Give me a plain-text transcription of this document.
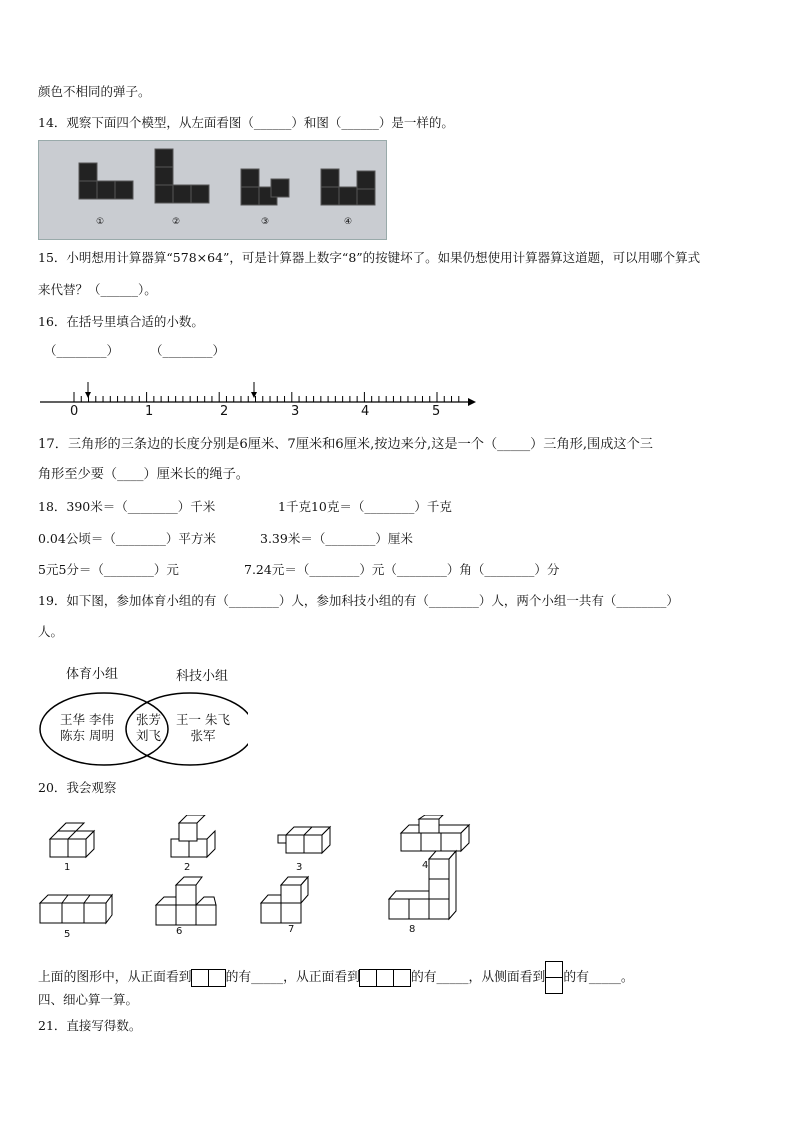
颜色不相同的弹子。
14．观察下面四个模型，从左面看图（______）和图（______）是一样的。
①	②	③	④
15．小明想用计算器算“578×64”，可是计算器上数字“8”的按键坏了。如果仍想使用计算器算这道题，可以用哪个算式
来代替？（______）。
16．在括号里填合适的小数。
（________） （________）
0	1	2	3	4	5
17．三角形的三条边的长度分别是6厘米、7厘米和6厘米,按边来分,这是一个（_____）三角形,围成这个三
角形至少要（____）厘米长的绳子。
18．390米＝（________）千米	1千克10克＝（________）千克
0.04公顷＝（________）平方米	3.39米＝（________）厘米
5元5分＝（________）元	7.24元＝（________）元（________）角（________）分
19．如下图，参加体育小组的有（________）人，参加科技小组的有（________）人，两个小组一共有（________）
人。
体育小组	科技小组
王华 李伟
陈东 周明
张芳
刘飞
王一 朱飞
张军
20．我会观察
1	2	3	4
5	6	7	8
上面的图形中，从正面看到	的有_____，从正面看到	的有_____，从侧面看到 的有_____。
四、细心算一算。
21．直接写得数。
